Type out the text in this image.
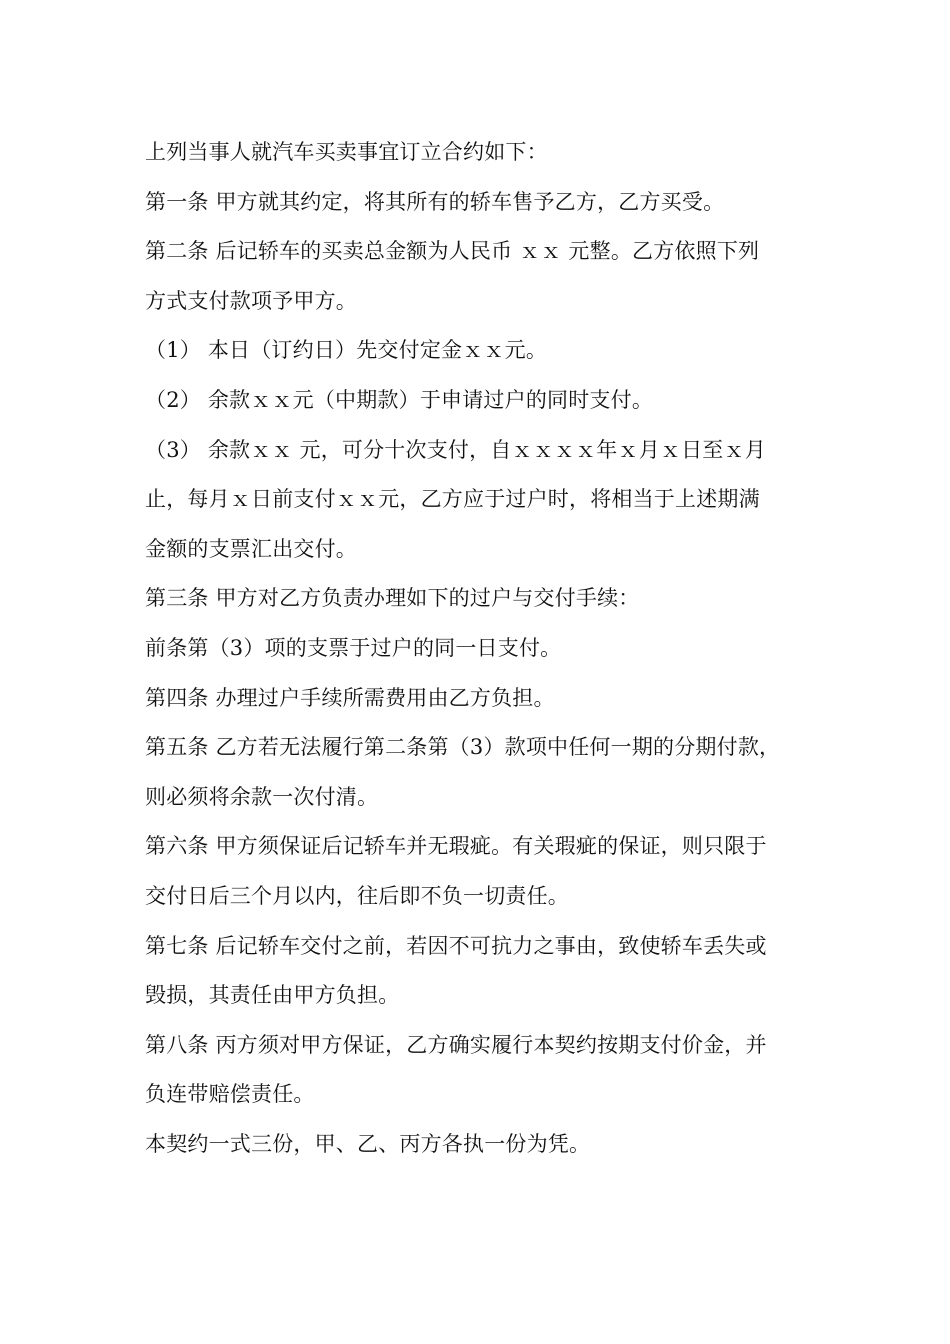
上列当事人就汽车买卖事宜订立合约如下：
第一条 甲方就其约定，将其所有的轿车售予乙方，乙方买受。
第二条 后记轿车的买卖总金额为人民币 ｘｘ 元整。乙方依照下列
方式支付款项予甲方。
（1） 本日（订约日）先交付定金ｘｘ元。
（2） 余款ｘｘ元（中期款）于申请过户的同时支付。
（3） 余款ｘｘ 元，可分十次支付，自ｘｘｘｘ年ｘ月ｘ日至ｘ月
止，每月ｘ日前支付ｘｘ元，乙方应于过户时，将相当于上述期满
金额的支票汇出交付。
第三条 甲方对乙方负责办理如下的过户与交付手续：
前条第（3）项的支票于过户的同一日支付。
第四条 办理过户手续所需费用由乙方负担。
第五条 乙方若无法履行第二条第（3）款项中任何一期的分期付款，
则必须将余款一次付清。
第六条 甲方须保证后记轿车并无瑕疵。有关瑕疵的保证，则只限于
交付日后三个月以内，往后即不负一切责任。
第七条 后记轿车交付之前，若因不可抗力之事由，致使轿车丢失或
毁损，其责任由甲方负担。
第八条 丙方须对甲方保证，乙方确实履行本契约按期支付价金，并
负连带赔偿责任。
本契约一式三份，甲、乙、丙方各执一份为凭。
